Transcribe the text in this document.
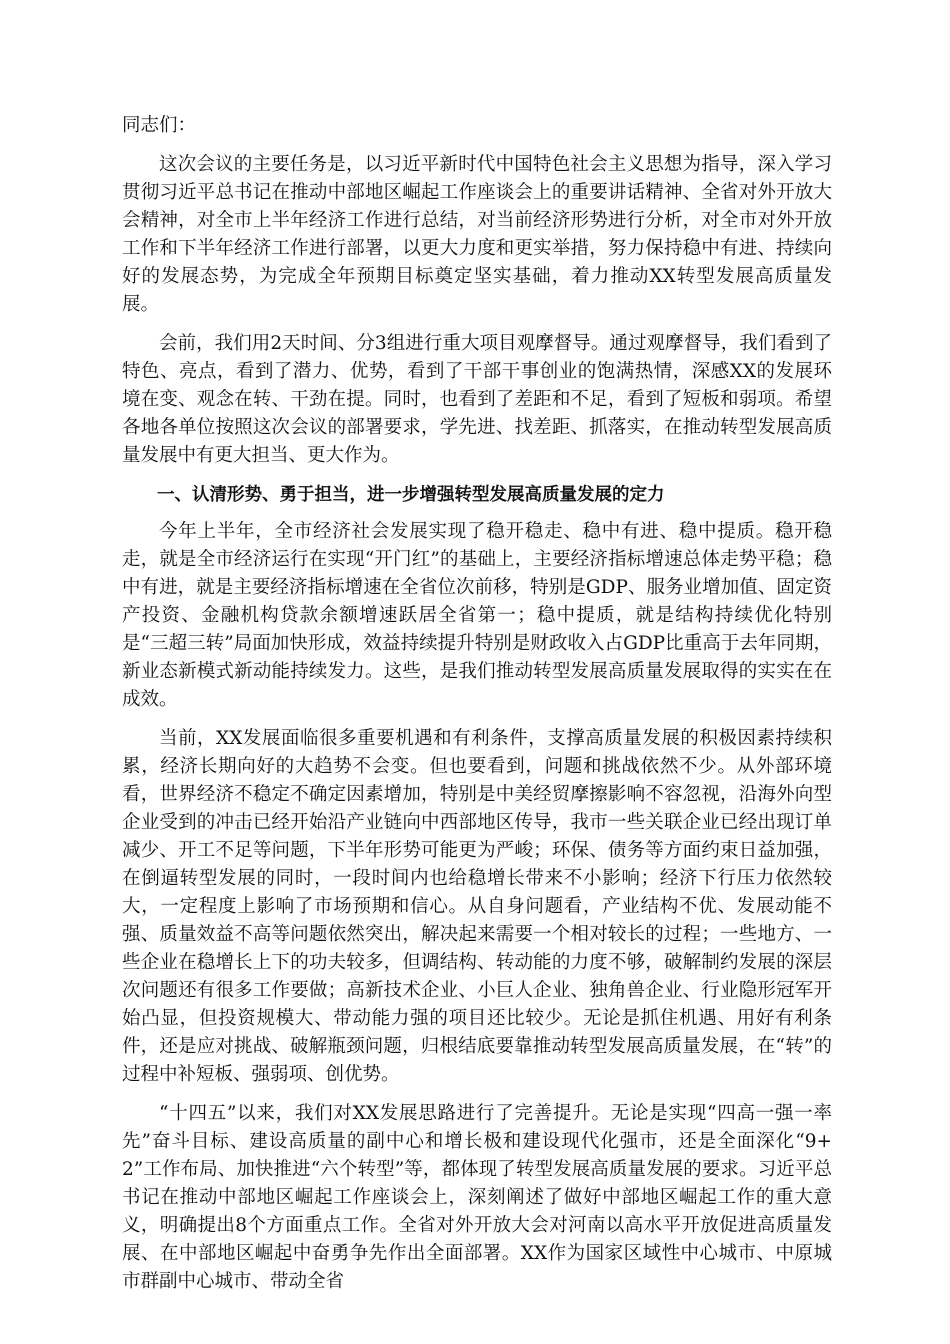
同志们：

这次会议的主要任务是，以习近平新时代中国特色社会主义思想为指导，深入学习贯彻习近平总书记在推动中部地区崛起工作座谈会上的重要讲话精神、全省对外开放大会精神，对全市上半年经济工作进行总结，对当前经济形势进行分析，对全市对外开放工作和下半年经济工作进行部署，以更大力度和更实举措，努力保持稳中有进、持续向好的发展态势，为完成全年预期目标奠定坚实基础，着力推动XX转型发展高质量发展。

会前，我们用2天时间、分3组进行重大项目观摩督导。通过观摩督导，我们看到了特色、亮点，看到了潜力、优势，看到了干部干事创业的饱满热情，深感XX的发展环境在变、观念在转、干劲在提。同时，也看到了差距和不足，看到了短板和弱项。希望各地各单位按照这次会议的部署要求，学先进、找差距、抓落实，在推动转型发展高质量发展中有更大担当、更大作为。

一、认清形势、勇于担当，进一步增强转型发展高质量发展的定力

今年上半年，全市经济社会发展实现了稳开稳走、稳中有进、稳中提质。稳开稳走，就是全市经济运行在实现“开门红”的基础上，主要经济指标增速总体走势平稳；稳中有进，就是主要经济指标增速在全省位次前移，特别是GDP、服务业增加值、固定资产投资、金融机构贷款余额增速跃居全省第一；稳中提质，就是结构持续优化特别是“三超三转”局面加快形成，效益持续提升特别是财政收入占GDP比重高于去年同期，新业态新模式新动能持续发力。这些，是我们推动转型发展高质量发展取得的实实在在成效。

当前，XX发展面临很多重要机遇和有利条件，支撑高质量发展的积极因素持续积累，经济长期向好的大趋势不会变。但也要看到，问题和挑战依然不少。从外部环境看，世界经济不稳定不确定因素增加，特别是中美经贸摩擦影响不容忽视，沿海外向型企业受到的冲击已经开始沿产业链向中西部地区传导，我市一些关联企业已经出现订单减少、开工不足等问题，下半年形势可能更为严峻；环保、债务等方面约束日益加强，在倒逼转型发展的同时，一段时间内也给稳增长带来不小影响；经济下行压力依然较大，一定程度上影响了市场预期和信心。从自身问题看，产业结构不优、发展动能不强、质量效益不高等问题依然突出，解决起来需要一个相对较长的过程；一些地方、一些企业在稳增长上下的功夫较多，但调结构、转动能的力度不够，破解制约发展的深层次问题还有很多工作要做；高新技术企业、小巨人企业、独角兽企业、行业隐形冠军开始凸显，但投资规模大、带动能力强的项目还比较少。无论是抓住机遇、用好有利条件，还是应对挑战、破解瓶颈问题，归根结底要靠推动转型发展高质量发展，在“转”的过程中补短板、强弱项、创优势。

“十四五”以来，我们对XX发展思路进行了完善提升。无论是实现“四高一强一率先”奋斗目标、建设高质量的副中心和增长极和建设现代化强市，还是全面深化“9+2”工作布局、加快推进“六个转型”等，都体现了转型发展高质量发展的要求。习近平总书记在推动中部地区崛起工作座谈会上，深刻阐述了做好中部地区崛起工作的重大意义，明确提出8个方面重点工作。全省对外开放大会对河南以高水平开放促进高质量发展、在中部地区崛起中奋勇争先作出全面部署。XX作为国家区域性中心城市、中原城市群副中心城市、带动全省
